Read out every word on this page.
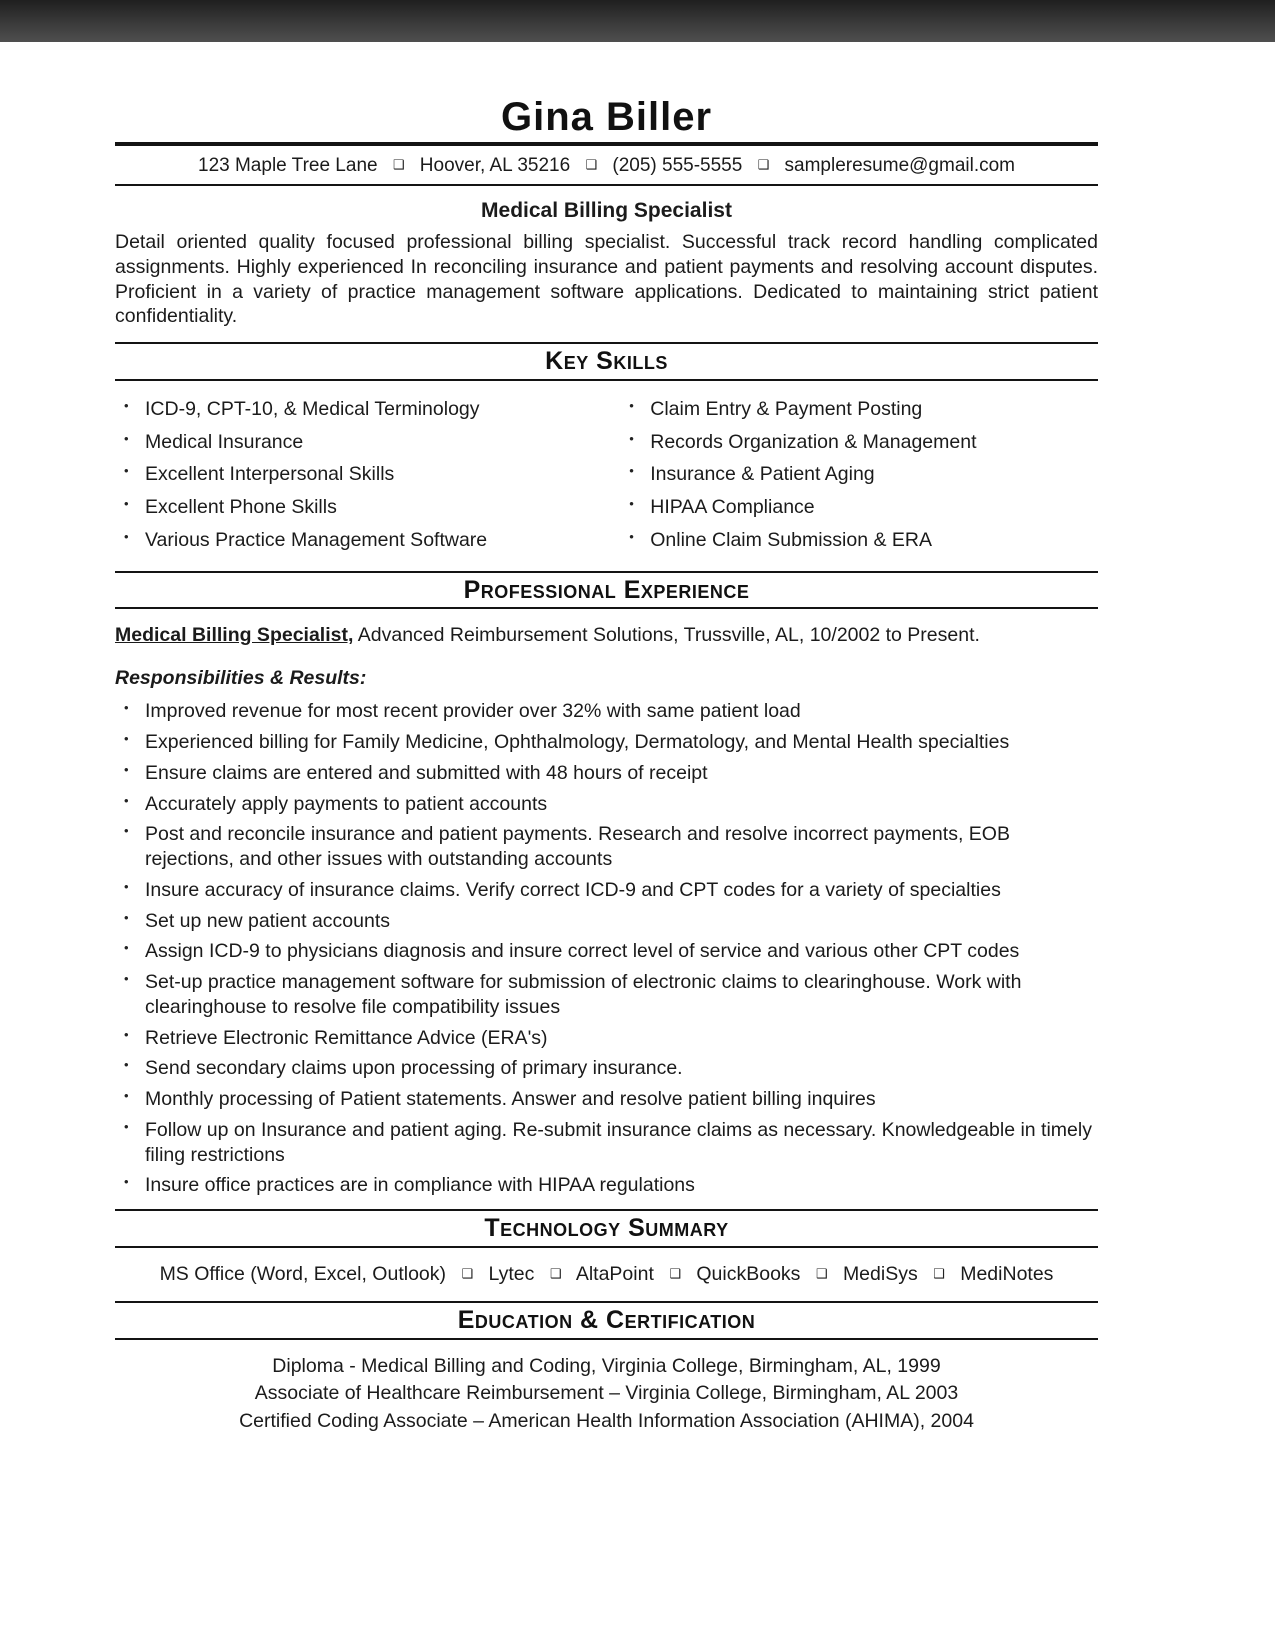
Gina Biller
123 Maple Tree Lane ❑ Hoover, AL 35216 ❑ (205) 555-5555 ❑ sampleresume@gmail.com
Medical Billing Specialist

Detail oriented quality focused professional billing specialist. Successful track record handling complicated assignments. Highly experienced In reconciling insurance and patient payments and resolving account disputes. Proficient in a variety of practice management software applications. Dedicated to maintaining strict patient confidentiality.

Key Skills
• ICD-9, CPT-10, & Medical Terminology
• Medical Insurance
• Excellent Interpersonal Skills
• Excellent Phone Skills
• Various Practice Management Software
• Claim Entry & Payment Posting
• Records Organization & Management
• Insurance & Patient Aging
• HIPAA Compliance
• Online Claim Submission & ERA
Professional Experience
Medical Billing Specialist, Advanced Reimbursement Solutions, Trussville, AL, 10/2002 to Present.
Responsibilities & Results:
• Improved revenue for most recent provider over 32% with same patient load
• Experienced billing for Family Medicine, Ophthalmology, Dermatology, and Mental Health specialties
• Ensure claims are entered and submitted with 48 hours of receipt
• Accurately apply payments to patient accounts
• Post and reconcile insurance and patient payments. Research and resolve incorrect payments, EOB rejections, and other issues with outstanding accounts
• Insure accuracy of insurance claims. Verify correct ICD-9 and CPT codes for a variety of specialties
• Set up new patient accounts
• Assign ICD-9 to physicians diagnosis and insure correct level of service and various other CPT codes
• Set-up practice management software for submission of electronic claims to clearinghouse. Work with clearinghouse to resolve file compatibility issues
• Retrieve Electronic Remittance Advice (ERA's)
• Send secondary claims upon processing of primary insurance.
• Monthly processing of Patient statements. Answer and resolve patient billing inquires
• Follow up on Insurance and patient aging. Re-submit insurance claims as necessary. Knowledgeable in timely filing restrictions
• Insure office practices are in compliance with HIPAA regulations
Technology Summary
MS Office (Word, Excel, Outlook) ❑ Lytec ❑ AltaPoint ❑ QuickBooks ❑ MediSys ❑ MediNotes
Education & Certification
Diploma - Medical Billing and Coding, Virginia College, Birmingham, AL, 1999
Associate of Healthcare Reimbursement – Virginia College, Birmingham, AL 2003
Certified Coding Associate – American Health Information Association (AHIMA), 2004
